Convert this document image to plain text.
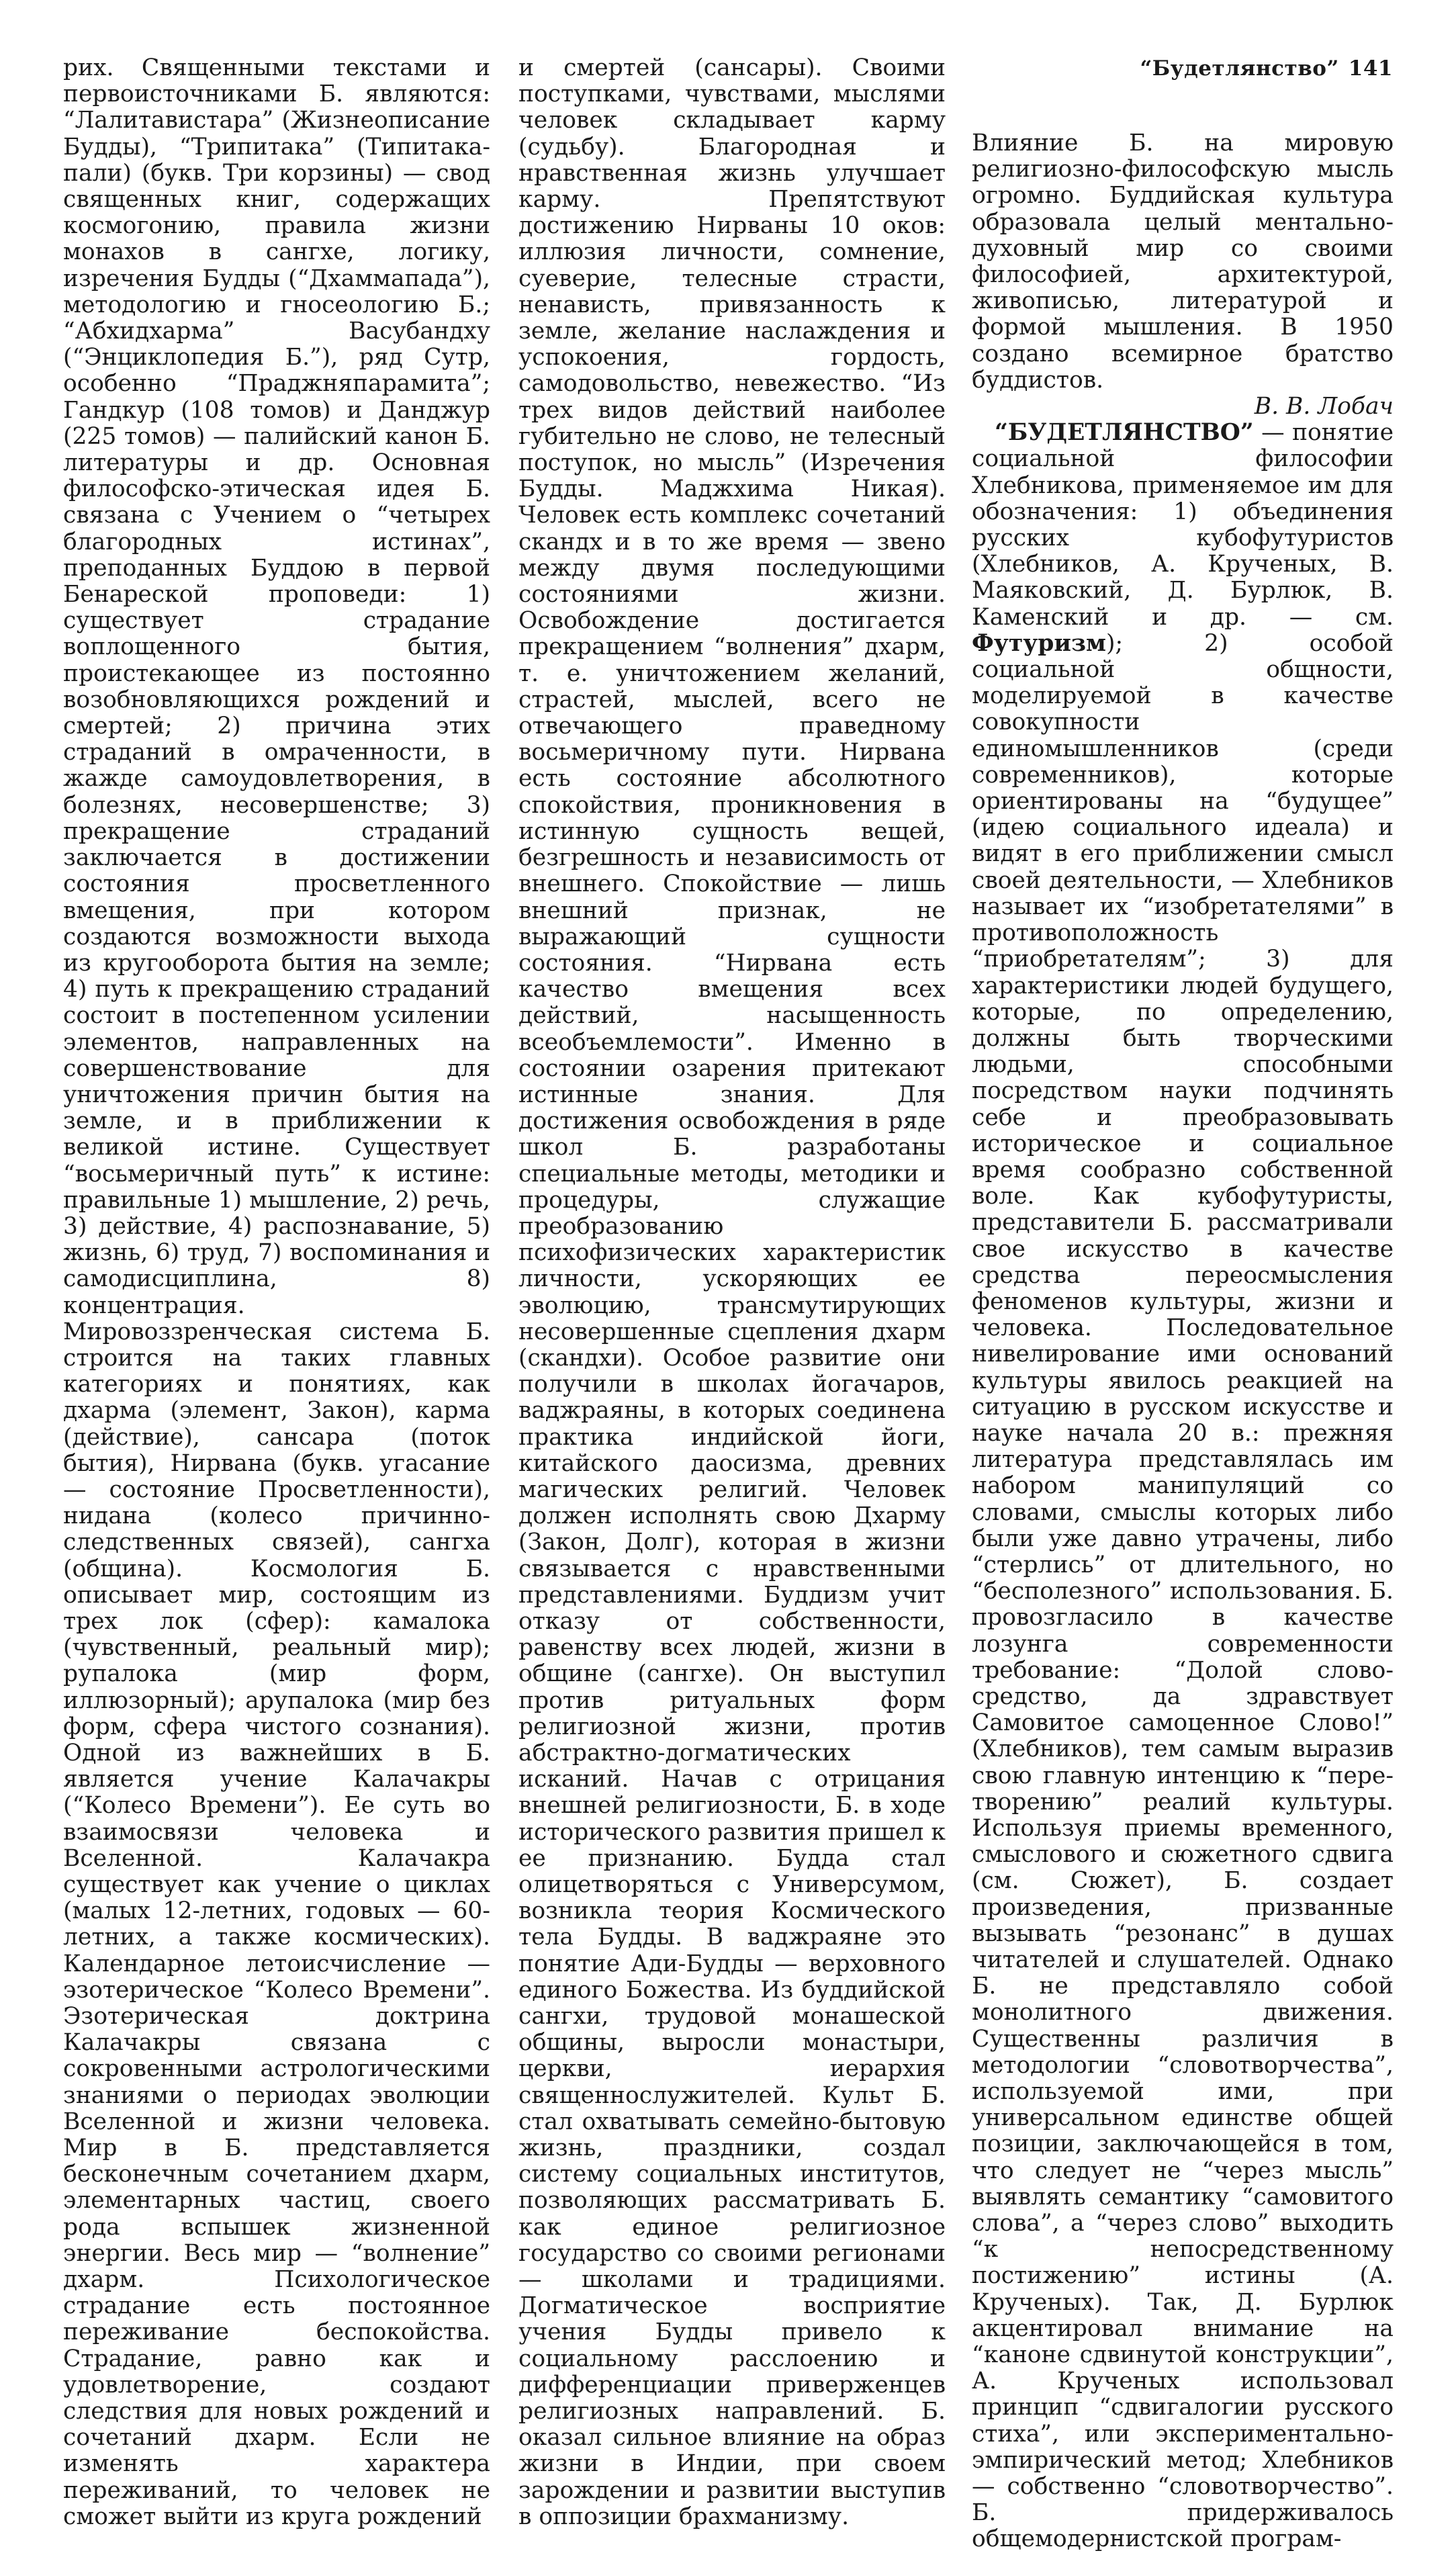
“Будетлянство” 141

рих. Священными текстами и первоисточниками Б. являются: “Лалитавистара” (Жизнеописание Будды), “Трипитака” (Типитака-пали) (букв. Три корзины) — свод священных книг, содержащих космогонию, правила жизни монахов в сангхе, логику, изречения Будды (“Дхаммапада”), методологию и гносеологию Б.; “Абхидхарма” Васубандху (“Энциклопедия Б.”), ряд Сутр, особенно “Праджняпарамита”; Гандкур (108 томов) и Данджур (225 томов) — палийский канон Б. литературы и др. Основная философско-этическая идея Б. связана с Учением о “четырех благородных истинах”, преподанных Буддою в первой Бенарeской проповеди: 1) существует страдание воплощенного бытия, проистекающее из постоянно возобновляющихся рождений и смертей; 2) причина этих страданий в омраченности, в жажде самоудовлетворения, в болезнях, несовершенстве; 3) прекращение страданий заключается в достижении состояния просветленного вмещения, при котором создаются возможности выхода из кругооборота бытия на земле; 4) путь к прекращению страданий состоит в постепенном усилении элементов, направленных на совершенствование для уничтожения причин бытия на земле, и в приближении к великой истине. Существует “восьмеричный путь” к истине: правильные 1) мышление, 2) речь, 3) действие, 4) распознавание, 5) жизнь, 6) труд, 7) воспоминания и самодисциплина, 8) концентрация. Мировоззренческая система Б. строится на таких главных категориях и понятиях, как дхарма (элемент, Закон), карма (действие), сансара (поток бытия), Нирвана (букв. угасание — состояние Просветленности), нидана (колесо причинно-следственных связей), сангха (община). Космология Б. описывает мир, состоящим из трех лок (сфер): камалока (чувственный, реальный мир); рупалока (мир форм, иллюзорный); арупалока (мир без форм, сфера чистого сознания). Одной из важнейших в Б. является учение Калачакры (“Колесо Времени”). Ее суть во взаимосвязи человека и Вселенной. Калачакра существует как учение о циклах (малых 12-летних, годовых — 60-летних, а также космических). Календарное летоисчисление — эзотерическое “Колесо Времени”. Эзотерическая доктрина Калачакры связана с сокровенными астрологическими знаниями о периодах эволюции Вселенной и жизни человека. Мир в Б. представляется бесконечным сочетанием дхарм, элементарных частиц, своего рода вспышек жизненной энергии. Весь мир — “волнение” дхарм. Психологическое страдание есть постоянное переживание беспокойства. Страдание, равно как и удовлетворение, создают следствия для новых рождений и сочетаний дхарм. Если не изменять характера переживаний, то человек не сможет выйти из круга рождений

и смертей (сансары). Своими поступками, чувствами, мыслями человек складывает карму (судьбу). Благородная и нравственная жизнь улучшает карму. Препятствуют достижению Нирваны 10 оков: иллюзия личности, сомнение, суеверие, телесные страсти, ненависть, привязанность к земле, желание наслаждения и успокоения, гордость, самодовольство, невежество. “Из трех видов действий наиболее губительно не слово, не телесный поступок, но мысль” (Изречения Будды. Маджхима Никая). Человек есть комплекс сочетаний скандх и в то же время — звено между двумя последующими состояниями жизни. Освобождение достигается прекращением “волнения” дхарм, т. е. уничтожением желаний, страстей, мыслей, всего не отвечающего праведному восьмеричному пути. Нирвана есть состояние абсолютного спокойствия, проникновения в истинную сущность вещей, безгрешность и независимость от внешнего. Спокойствие — лишь внешний признак, не выражающий сущности состояния. “Нирвана есть качество вмещения всех действий, насыщенность всеобъемлемости”. Именно в состоянии озарения притекают истинные знания. Для достижения освобождения в ряде школ Б. разработаны специальные методы, методики и процедуры, служащие преобразованию психофизических характеристик личности, ускоряющих ее эволюцию, трансмутирующих несовершенные сцепления дхарм (скандхи). Особое развитие они получили в школах йогачаров, ваджраяны, в которых соединена практика индийской йоги, китайского даосизма, древних магических религий. Человек должен исполнять свою Дхарму (Закон, Долг), которая в жизни связывается с нравственными представлениями. Буддизм учит отказу от собственности, равенству всех людей, жизни в общине (сангхе). Он выступил против ритуальных форм религиозной жизни, против абстрактно-догматических исканий. Начав с отрицания внешней религиозности, Б. в ходе исторического развития пришел к ее признанию. Будда стал олицетворяться с Универсумом, возникла теория Космического тела Будды. В ваджраяне это понятие Ади-Будды — верховного единого Божества. Из буддийской сангхи, трудовой монашеской общины, выросли монастыри, церкви, иерархия священнослужителей. Культ Б. стал охватывать семейно-бытовую жизнь, праздники, создал систему социальных институтов, позволяющих рассматривать Б. как единое религиозное государство со своими регионами — школами и традициями. Догматическое восприятие учения Будды привело к социальному расслоению и дифференциации приверженцев религиозных направлений. Б. оказал сильное влияние на образ жизни в Индии, при своем зарождении и развитии выступив в оппозиции брахманизму.

Влияние Б. на мировую религиозно-философскую мысль огромно. Буддийская культура образовала целый ментально-духовный мир со своими философией, архитектурой, живописью, литературой и формой мышления. В 1950 создано всемирное братство буддистов.

В. В. Лобач

“БУДЕТЛЯНСТВО” — понятие социальной философии Хлебникова, применяемое им для обозначения: 1) объединения русских кубофутуристов (Хлебников, А. Крученых, В. Маяковский, Д. Бурлюк, В. Каменский и др. — см. Футуризм); 2) особой социальной общности, моделируемой в качестве совокупности единомышленников (среди современников), которые ориентированы на “будущее” (идею социального идеала) и видят в его приближении смысл своей деятельности, — Хлебников называет их “изобретателями” в противоположность “приобретателям”; 3) для характеристики людей будущего, которые, по определению, должны быть творческими людьми, способными посредством науки подчинять себе и преобразовывать историческое и социальное время сообразно собственной воле. Как кубофутуристы, представители Б. рассматривали свое искусство в качестве средства переосмысления феноменов культуры, жизни и человека. Последовательное нивелирование ими оснований культуры явилось реакцией на ситуацию в русском искусстве и науке начала 20 в.: прежняя литература представлялась им набором манипуляций со словами, смыслы которых либо были уже давно утрачены, либо “стерлись” от длительного, но “бесполезного” использования. Б. провозгласило в качестве лозунга современности требование: “Долой слово-средство, да здравствует Самовитое самоценное Слово!” (Хлебников), тем самым выразив свою главную интенцию к “пере-творению” реалий культуры. Используя приемы временного, смыслового и сюжетного сдвига (см. Сюжет), Б. создает произведения, призванные вызывать “резонанс” в душах читателей и слушателей. Однако Б. не представляло собой монолитного движения. Существенны различия в методологии “словотворчества”, используемой ими, при универсальном единстве общей позиции, заключающейся в том, что следует не “через мысль” выявлять семантику “самовитого слова”, а “через слово” выходить “к непосредственному постижению” истины (А. Крученых). Так, Д. Бурлюк акцентировал внимание на “каноне сдвинутой конструкции”, А. Крученых использовал принцип “сдвигалогии русского стиха”, или экспериментально-эмпирический метод; Хлебников — собственно “словотворчество”. Б. придерживалось общемодернистской програм-
